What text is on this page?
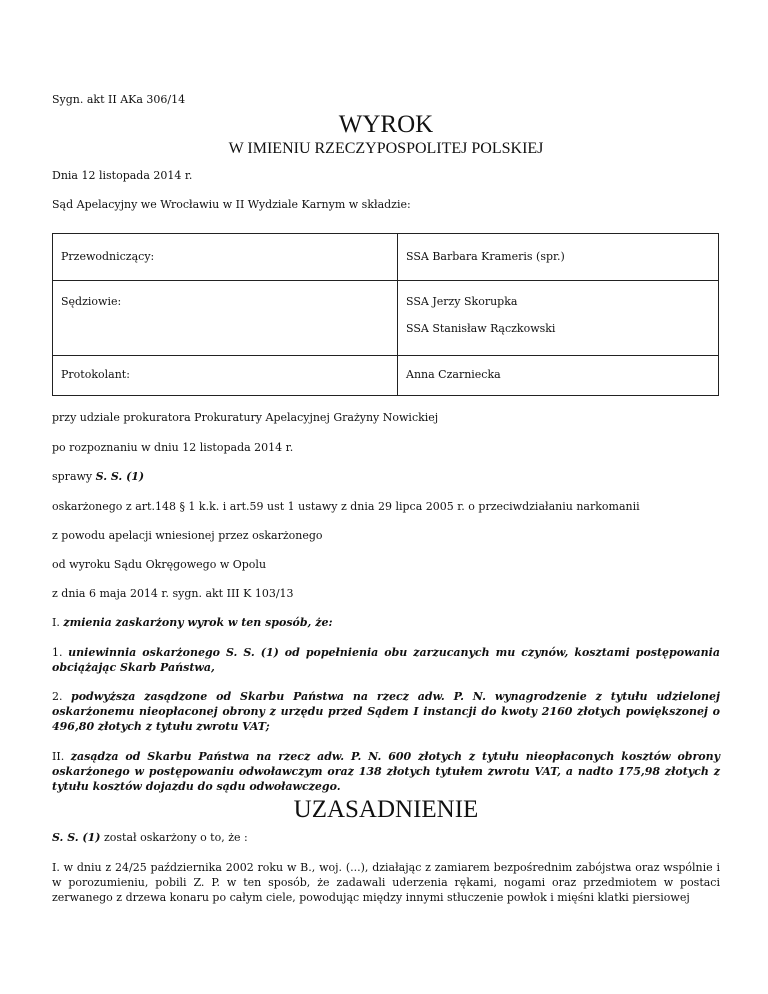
Sygn. akt II AKa 306/14
WYROK
W IMIENIU RZECZYPOSPOLITEJ POLSKIEJ
Dnia 12 listopada 2014 r.
Sąd Apelacyjny we Wrocławiu w II Wydziale Karnym w składzie:
Przewodniczący:	SSA Barbara Krameris (spr.)

Sędziowie:	SSA Jerzy Skorupka
SSA Stanisław Rączkowski

Protokolant:	Anna Czarniecka
przy udziale prokuratora Prokuratury Apelacyjnej Grażyny Nowickiej
po rozpoznaniu w dniu 12 listopada 2014 r.
sprawy S. S. (1)
oskarżonego z art.148 § 1 k.k. i art.59 ust 1 ustawy z dnia 29 lipca 2005 r. o przeciwdziałaniu narkomanii
z powodu apelacji wniesionej przez oskarżonego
od wyroku Sądu Okręgowego w Opolu
z dnia 6 maja 2014 r. sygn. akt III K 103/13
I. zmienia zaskarżony wyrok w ten sposób, że:
1. uniewinnia oskarżonego S. S. (1) od popełnienia obu zarzucanych mu czynów, kosztami postępowania obciążając Skarb Państwa,
2. podwyższa zasądzone od Skarbu Państwa na rzecz adw. P. N. wynagrodzenie z tytułu udzielonej oskarżonemu nieopłaconej obrony z urzędu przed Sądem I instancji do kwoty 2160 złotych powiększonej o 496,80 złotych z tytułu zwrotu VAT;
II. zasądza od Skarbu Państwa na rzecz adw. P. N. 600 złotych z tytułu nieopłaconych kosztów obrony oskarżonego w postępowaniu odwoławczym oraz 138 złotych tytułem zwrotu VAT, a nadto 175,98 złotych z tytułu kosztów dojazdu do sądu odwoławczego.
UZASADNIENIE
S. S. (1) został oskarżony o to, że :
I. w dniu z 24/25 października 2002 roku w B., woj. (...), działając z zamiarem bezpośrednim zabójstwa oraz wspólnie i w porozumieniu, pobili Z. P. w ten sposób, że zadawali uderzenia rękami, nogami oraz przedmiotem w postaci zerwanego z drzewa konaru po całym ciele, powodując między innymi stłuczenie powłok i mięśni klatki piersiowej
